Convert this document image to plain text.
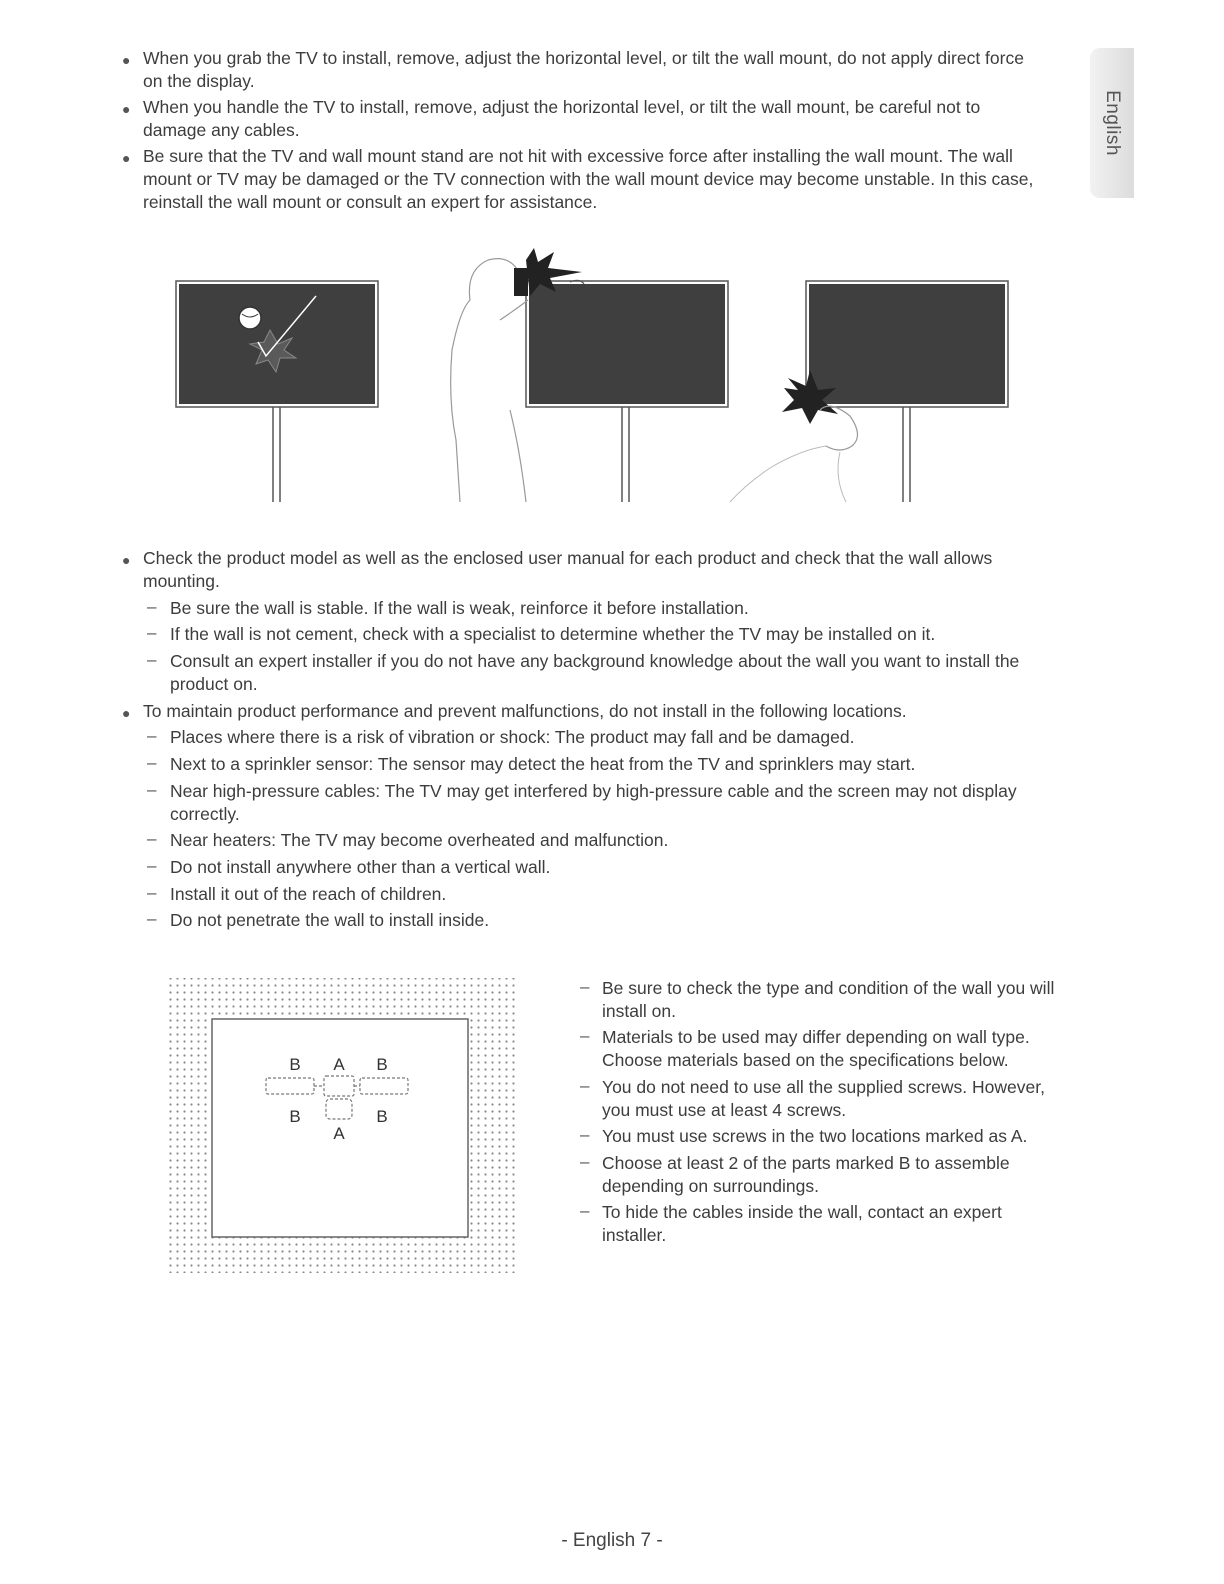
English
● When you grab the TV to install, remove, adjust the horizontal level, or tilt the wall mount, do not apply direct force
on the display.
● When you handle the TV to install, remove, adjust the horizontal level, or tilt the wall mount, be careful not to
damage any cables.
● Be sure that the TV and wall mount stand are not hit with excessive force after installing the wall mount. The wall
mount or TV may be damaged or the TV connection with the wall mount device may become unstable. In this case,
reinstall the wall mount or consult an expert for assistance.
● Check the product model as well as the enclosed user manual for each product and check that the wall allows
mounting.
– Be sure the wall is stable. If the wall is weak, reinforce it before installation.
– If the wall is not cement, check with a specialist to determine whether the TV may be installed on it.
– Consult an expert installer if you do not have any background knowledge about the wall you want to install the
product on.
● To maintain product performance and prevent malfunctions, do not install in the following locations.
– Places where there is a risk of vibration or shock: The product may fall and be damaged.
– Next to a sprinkler sensor: The sensor may detect the heat from the TV and sprinklers may start.
– Near high-pressure cables: The TV may get interfered by high-pressure cable and the screen may not display
correctly.
– Near heaters: The TV may become overheated and malfunction.
– Do not install anywhere other than a vertical wall.
– Install it out of the reach of children.
– Do not penetrate the wall to install inside.
B A B
B	B
A
– Be sure to check the type and condition of the wall you will
install on.
– Materials to be used may differ depending on wall type.
Choose materials based on the specifications below.
– You do not need to use all the supplied screws. However,
you must use at least 4 screws.
– You must use screws in the two locations marked as A.
– Choose at least 2 of the parts marked B to assemble
depending on surroundings.
– To hide the cables inside the wall, contact an expert
installer.
- English 7 -
